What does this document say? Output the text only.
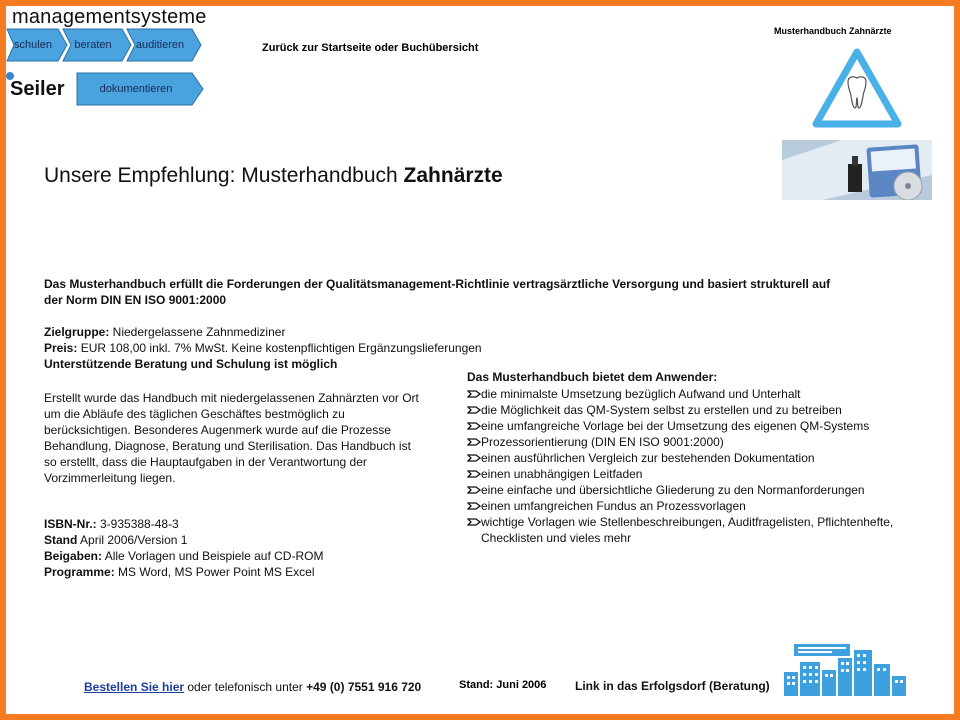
managementsysteme
schulen	beraten	auditieren
Seiler	dokumentieren
Zurück zur Startseite oder Buchübersicht
Musterhandbuch Zahnärzte
Unsere Empfehlung: Musterhandbuch Zahnärzte
Das Musterhandbuch erfüllt die Forderungen der Qualitätsmanagement-Richtlinie vertragsärztliche Versorgung und basiert strukturell auf der Norm DIN EN ISO 9001:2000
Zielgruppe: Niedergelassene Zahnmediziner
Preis: EUR 108,00 inkl. 7% MwSt. Keine kostenpflichtigen Ergänzungslieferungen
Unterstützende Beratung und Schulung ist möglich
Erstellt wurde das Handbuch mit niedergelassenen Zahnärzten vor Ort um die Abläufe des täglichen Geschäftes bestmöglich zu berücksichtigen. Besonderes Augenmerk wurde auf die Prozesse Behandlung, Diagnose, Beratung und Sterilisation. Das Handbuch ist so erstellt, dass die Hauptaufgaben in der Verantwortung der Vorzimmerleitung liegen.
ISBN-Nr.: 3-935388-48-3
Stand April 2006/Version 1
Beigaben: Alle Vorlagen und Beispiele auf CD-ROM
Programme: MS Word, MS Power Point MS Excel
Das Musterhandbuch bietet dem Anwender:
die minimalste Umsetzung bezüglich Aufwand und Unterhalt
die Möglichkeit das QM-System selbst zu erstellen und zu betreiben
eine umfangreiche Vorlage bei der Umsetzung des eigenen QM-Systems
Prozessorientierung (DIN EN ISO 9001:2000)
einen ausführlichen Vergleich zur bestehenden Dokumentation
einen unabhängigen Leitfaden
eine einfache und übersichtliche Gliederung zu den Normanforderungen
einen umfangreichen Fundus an Prozessvorlagen
wichtige Vorlagen wie Stellenbeschreibungen, Auditfragelisten, Pflichtenhefte, Checklisten und vieles mehr
Bestellen Sie hier oder telefonisch unter +49 (0) 7551 916 720	Stand: Juni 2006 Link in das Erfolgsdorf (Beratung)
